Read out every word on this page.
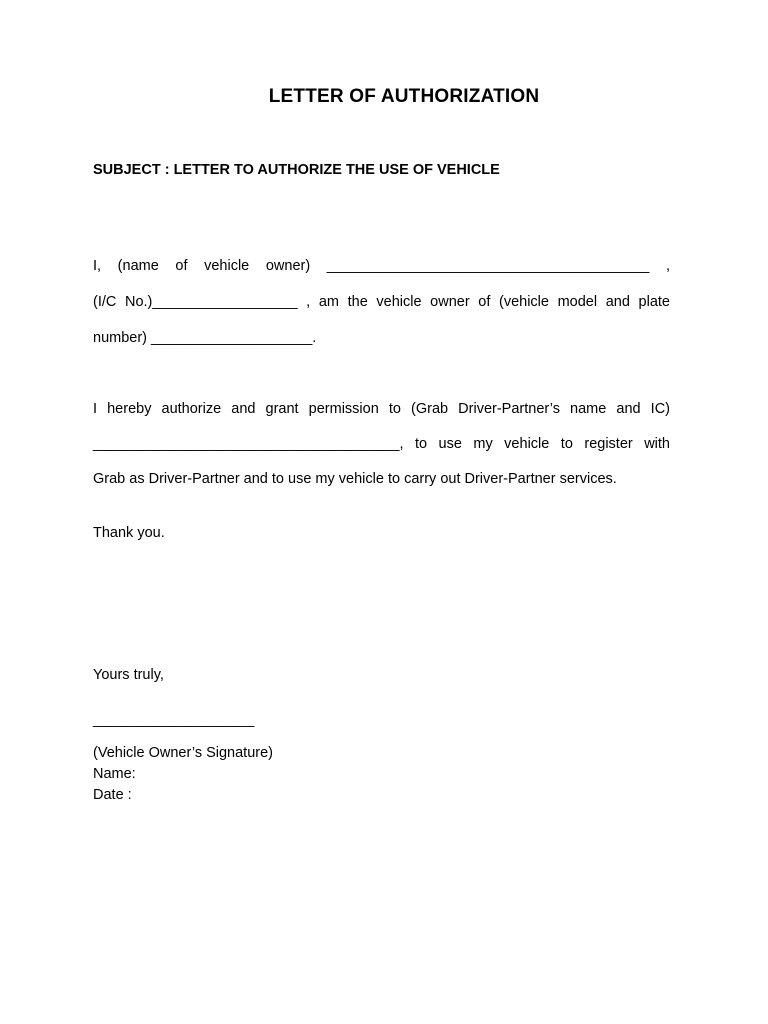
LETTER OF AUTHORIZATION
SUBJECT : LETTER TO AUTHORIZE THE USE OF VEHICLE
I, (name of vehicle owner) ________________________________________ ,
(I/C No.)__________________ , am the vehicle owner of (vehicle model and plate
number) ____________________.
I hereby authorize and grant permission to (Grab Driver-Partner’s name and IC)
______________________________________, to use my vehicle to register with
Grab as Driver-Partner and to use my vehicle to carry out Driver-Partner services.
Thank you.
Yours truly,
____________________
(Vehicle Owner’s Signature)
Name:
Date :
